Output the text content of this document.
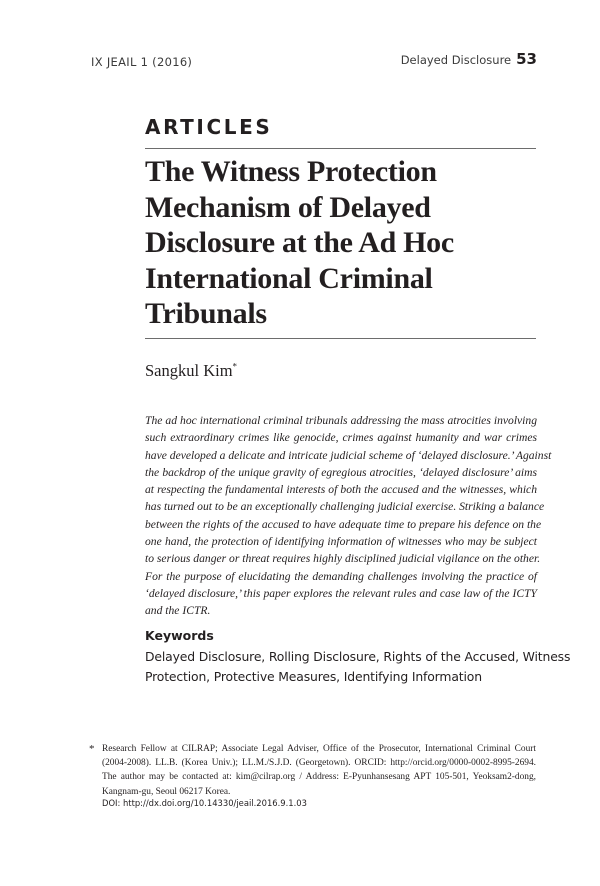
IX JEAIL 1 (2016)	Delayed Disclosure 53
ARTICLES
The Witness Protection
Mechanism of Delayed
Disclosure at the Ad Hoc
International Criminal
Tribunals
Sangkul Kim*
The ad hoc international criminal tribunals addressing the mass atrocities involving
such extraordinary crimes like genocide, crimes against humanity and war crimes
have developed a delicate and intricate judicial scheme of ‘delayed disclosure.’ Against
the backdrop of the unique gravity of egregious atrocities, ‘delayed disclosure’ aims
at respecting the fundamental interests of both the accused and the witnesses, which
has turned out to be an exceptionally challenging judicial exercise. Striking a balance
between the rights of the accused to have adequate time to prepare his defence on the
one hand, the protection of identifying information of witnesses who may be subject
to serious danger or threat requires highly disciplined judicial vigilance on the other.
For the purpose of elucidating the demanding challenges involving the practice of
‘delayed disclosure,’ this paper explores the relevant rules and case law of the ICTY
and the ICTR.
Keywords
Delayed Disclosure, Rolling Disclosure, Rights of the Accused, Witness
Protection, Protective Measures, Identifying Information
* Research Fellow at CILRAP; Associate Legal Adviser, Office of the Prosecutor, International Criminal Court
(2004-2008). LL.B. (Korea Univ.); LL.M./S.J.D. (Georgetown). ORCID: http://orcid.org/0000-0002-8995-2694.
The author may be contacted at: kim@cilrap.org / Address: E-Pyunhansesang APT 105-501, Yeoksam2-dong,
Kangnam-gu, Seoul 06217 Korea.
DOI: http://dx.doi.org/10.14330/jeail.2016.9.1.03
